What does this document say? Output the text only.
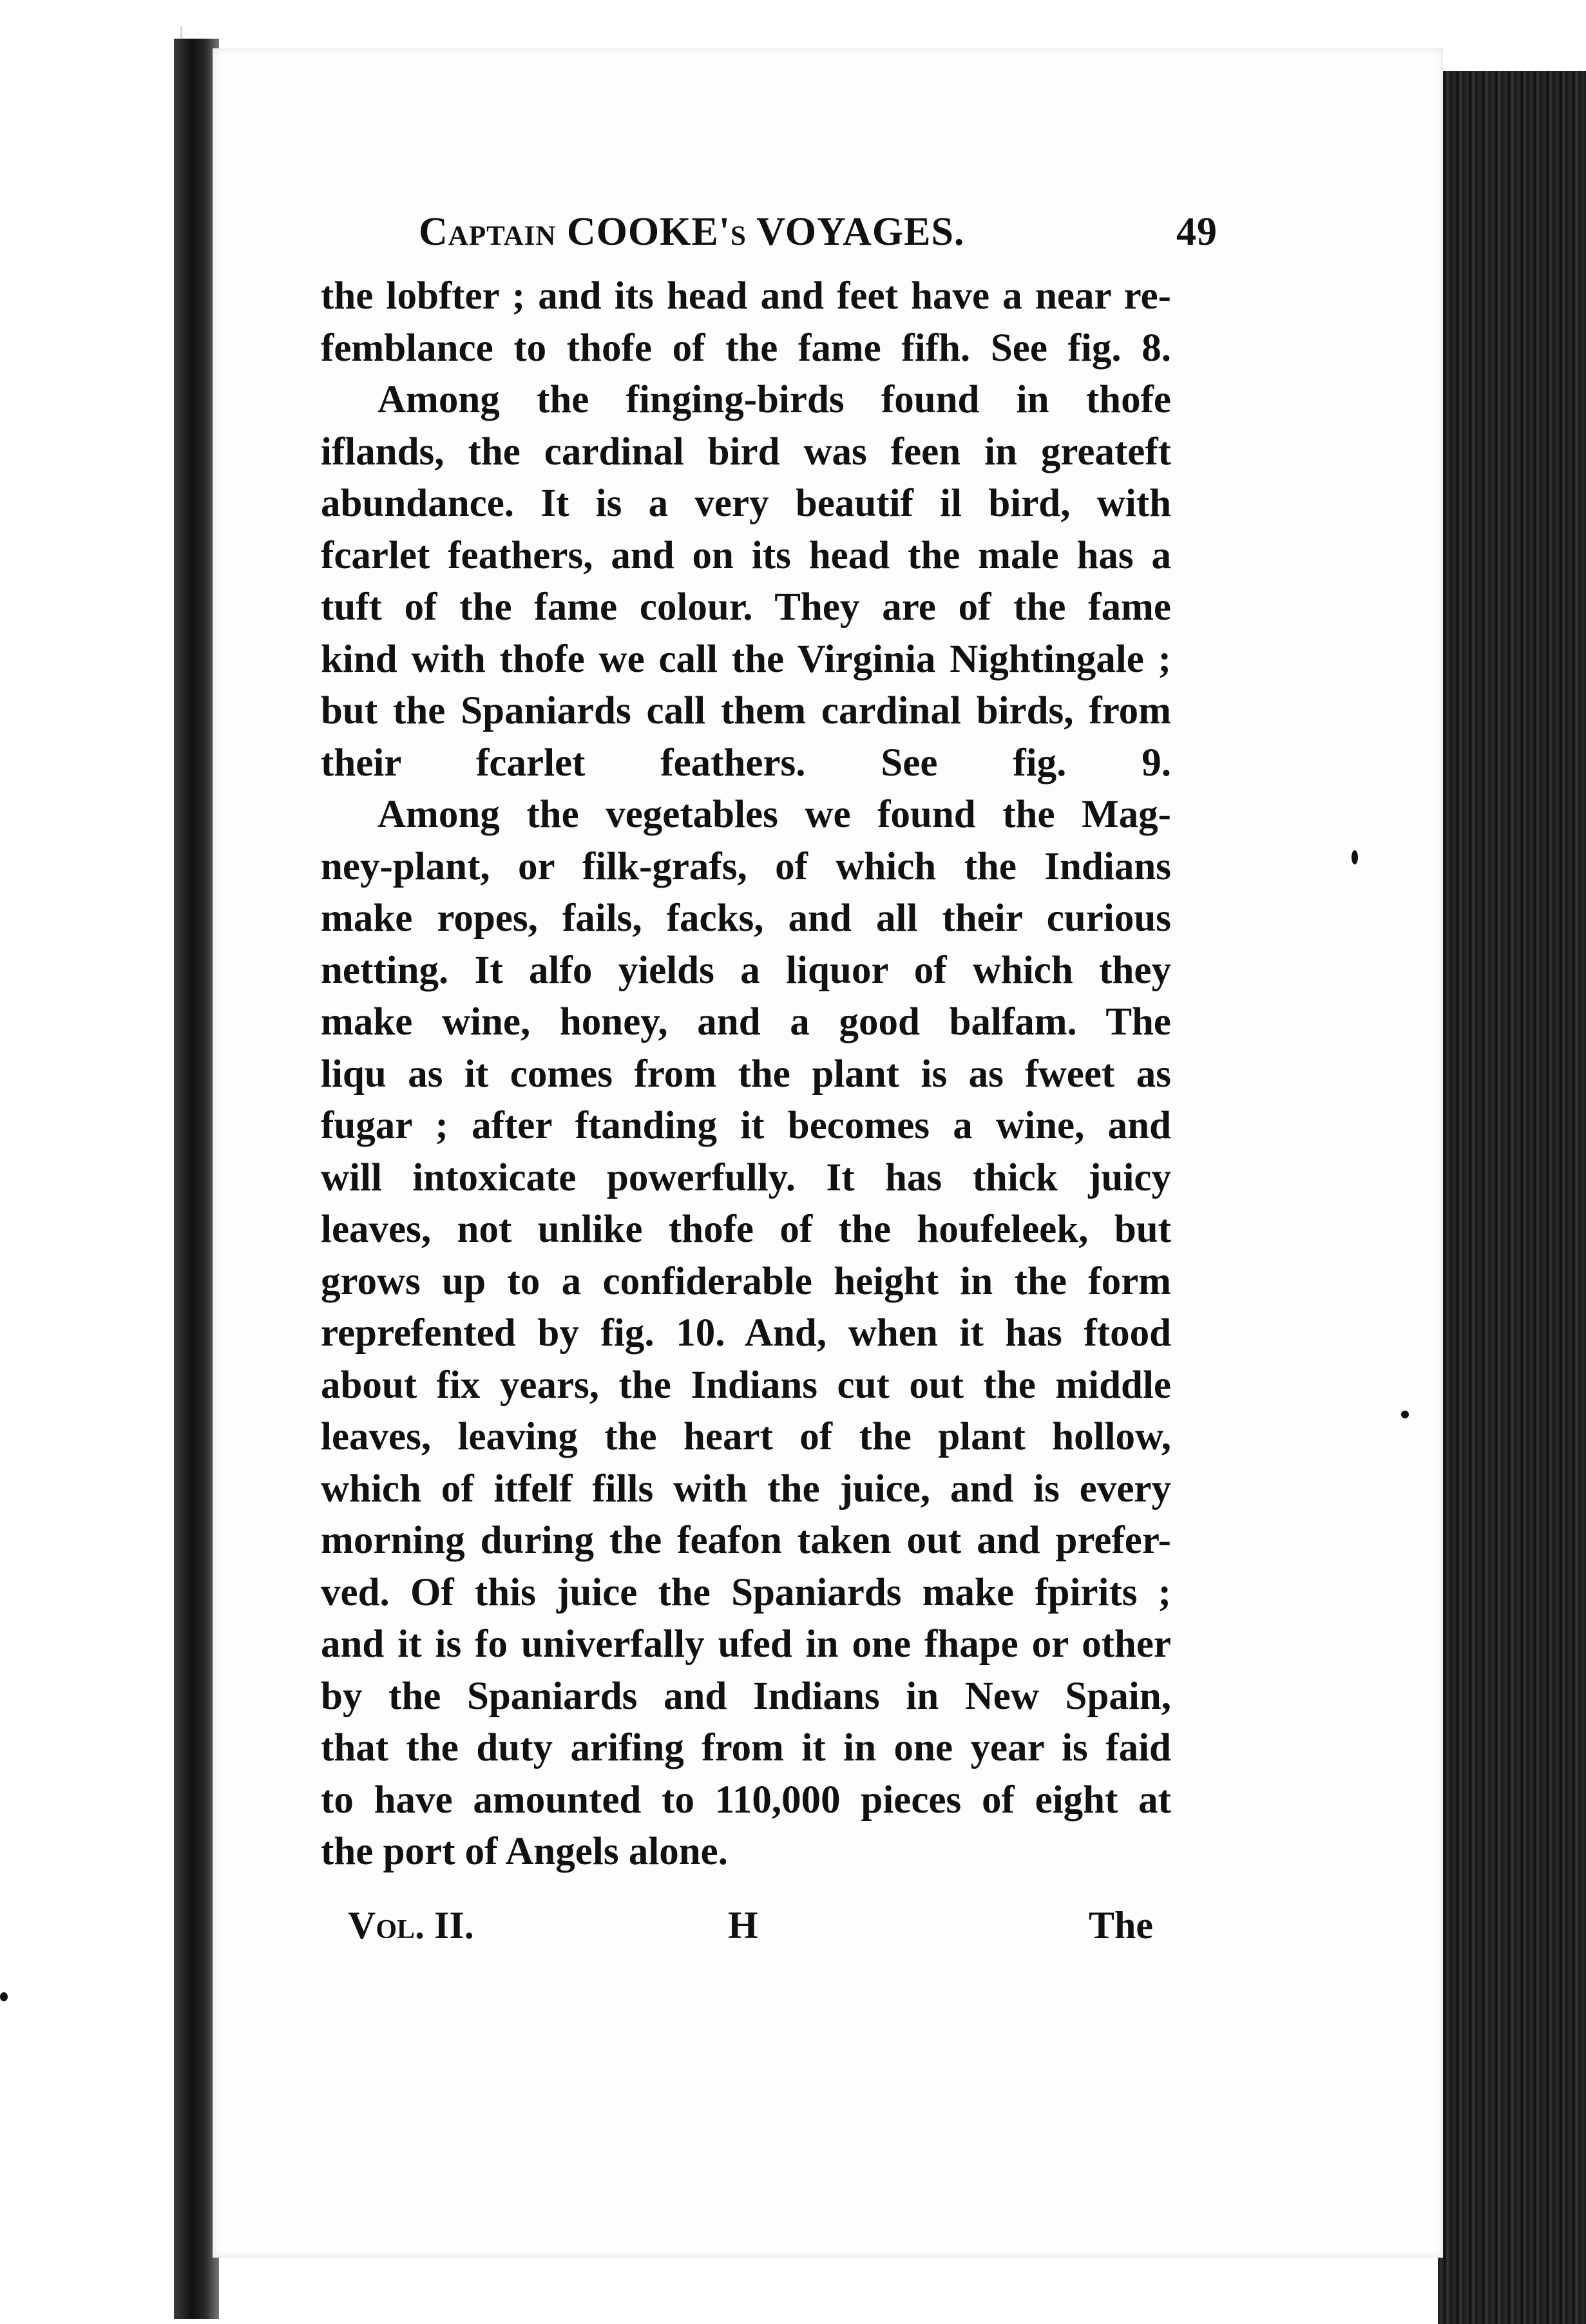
Captain COOKE's VOYAGES.	49
the lobfter ; and its head and feet have a near re-
femblance to thofe of the fame fifh. See fig. 8.
Among the finging-birds found in thofe
iflands, the cardinal bird was feen in greateft
abundance. It is a very beautif il bird, with
fcarlet feathers, and on its head the male has a
tuft of the fame colour. They are of the fame
kind with thofe we call the Virginia Nightingale ;
but the Spaniards call them cardinal birds, from
their fcarlet feathers. See fig. 9.
Among the vegetables we found the Mag-
ney-plant, or filk-grafs, of which the Indians
make ropes, fails, facks, and all their curious
netting. It alfo yields a liquor of which they
make wine, honey, and a good balfam. The
liqu as it comes from the plant is as fweet as
fugar ; after ftanding it becomes a wine, and
will intoxicate powerfully. It has thick juicy
leaves, not unlike thofe of the houfeleek, but
grows up to a confiderable height in the form
reprefented by fig. 10. And, when it has ftood
about fix years, the Indians cut out the middle
leaves, leaving the heart of the plant hollow,
which of itfelf fills with the juice, and is every
morning during the feafon taken out and prefer-
ved. Of this juice the Spaniards make fpirits ;
and it is fo univerfally ufed in one fhape or other
by the Spaniards and Indians in New Spain,
that the duty arifing from it in one year is faid
to have amounted to 110,000 pieces of eight at
the port of Angels alone.
Vol. II.	H	The
